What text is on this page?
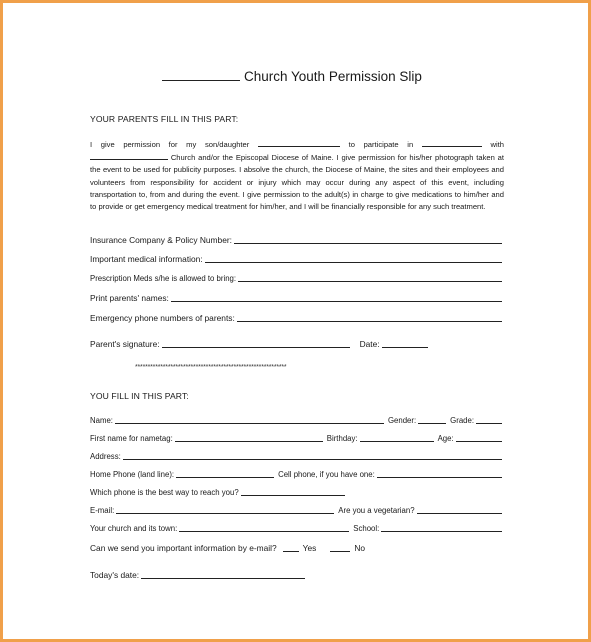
Church Youth Permission Slip
YOUR PARENTS FILL IN THIS PART:
I give permission for my son/daughter	to participate in	with  Church and/or the Episcopal Diocese of Maine. I give permission for his/her photograph taken at the event to be used for publicity purposes. I absolve the church, the Diocese of Maine, the sites and their employees and volunteers from responsibility for accident or injury which may occur during any aspect of this event, including transportation to, from and during the event. I give permission to the adult(s) in charge to give medications to him/her and to provide or get emergency medical treatment for him/her, and I will be financially responsible for any such treatment.
Insurance Company & Policy Number:
Important medical information:
Prescription Meds s/he is allowed to bring:
Print parents' names:
Emergency phone numbers of parents:
Parent's signature:	Date:
************************************************************
YOU FILL IN THIS PART:
Name:	Gender:	Grade:
First name for nametag:	Birthday:	Age:
Address:
Home Phone (land line):	Cell phone, if you have one:
Which phone is the best way to reach you?
E-mail:	Are you a vegetarian?
Your church and its town:	School:
Can we send you important information by e-mail?	Yes	No
Today's date:
